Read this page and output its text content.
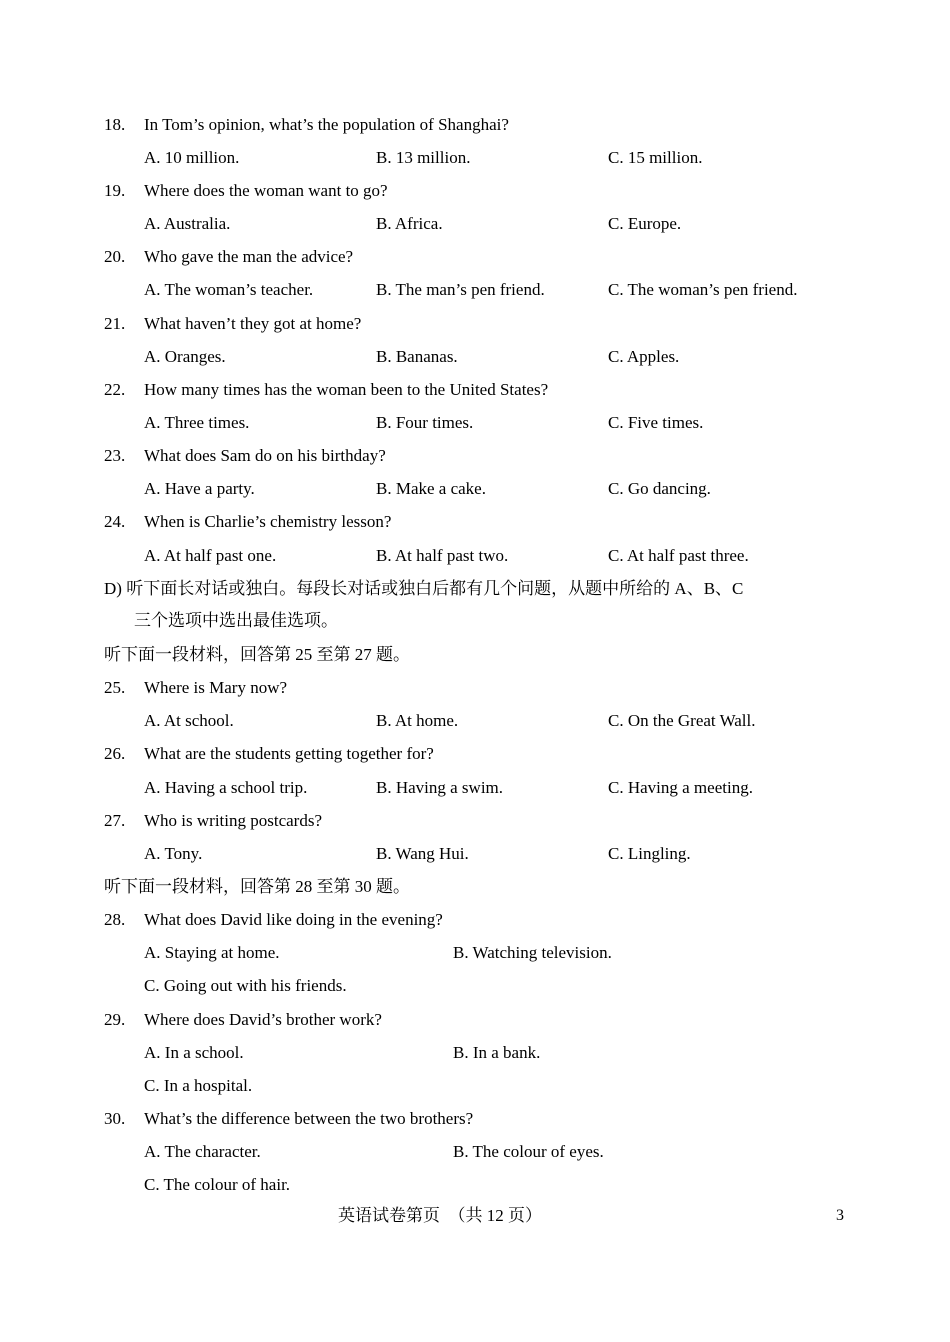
18. In Tom’s opinion, what’s the population of Shanghai?
A. 10 million.	B. 13 million.	C. 15 million.
19. Where does the woman want to go?
A. Australia.	B. Africa.	C. Europe.
20. Who gave the man the advice?
A. The woman’s teacher.	B. The man’s pen friend.	C. The woman’s pen friend.
21. What haven’t they got at home?
A. Oranges.	B. Bananas.	C. Apples.
22. How many times has the woman been to the United States?
A. Three times.	B. Four times.	C. Five times.
23. What does Sam do on his birthday?
A. Have a party.	B. Make a cake.	C. Go dancing.
24. When is Charlie’s chemistry lesson?
A. At half past one.	B. At half past two.	C. At half past three.
D) 听下面长对话或独白。每段长对话或独白后都有几个问题，从题中所给的 A、B、C
三个选项中选出最佳选项。
听下面一段材料，回答第 25 至第 27 题。
25. Where is Mary now?
A. At school.	B. At home.	C. On the Great Wall.
26. What are the students getting together for?
A. Having a school trip.	B. Having a swim.	C. Having a meeting.
27. Who is writing postcards?
A. Tony.	B. Wang Hui.	C. Lingling.
听下面一段材料，回答第 28 至第 30 题。
28. What does David like doing in the evening?
A. Staying at home.	B. Watching television.
C. Going out with his friends.
29. Where does David’s brother work?
A. In a school.	B. In a bank.
C. In a hospital.
30. What’s the difference between the two brothers?
A. The character.	B. The colour of eyes.
C. The colour of hair.
英语试卷第页　（共 12 页）	3
